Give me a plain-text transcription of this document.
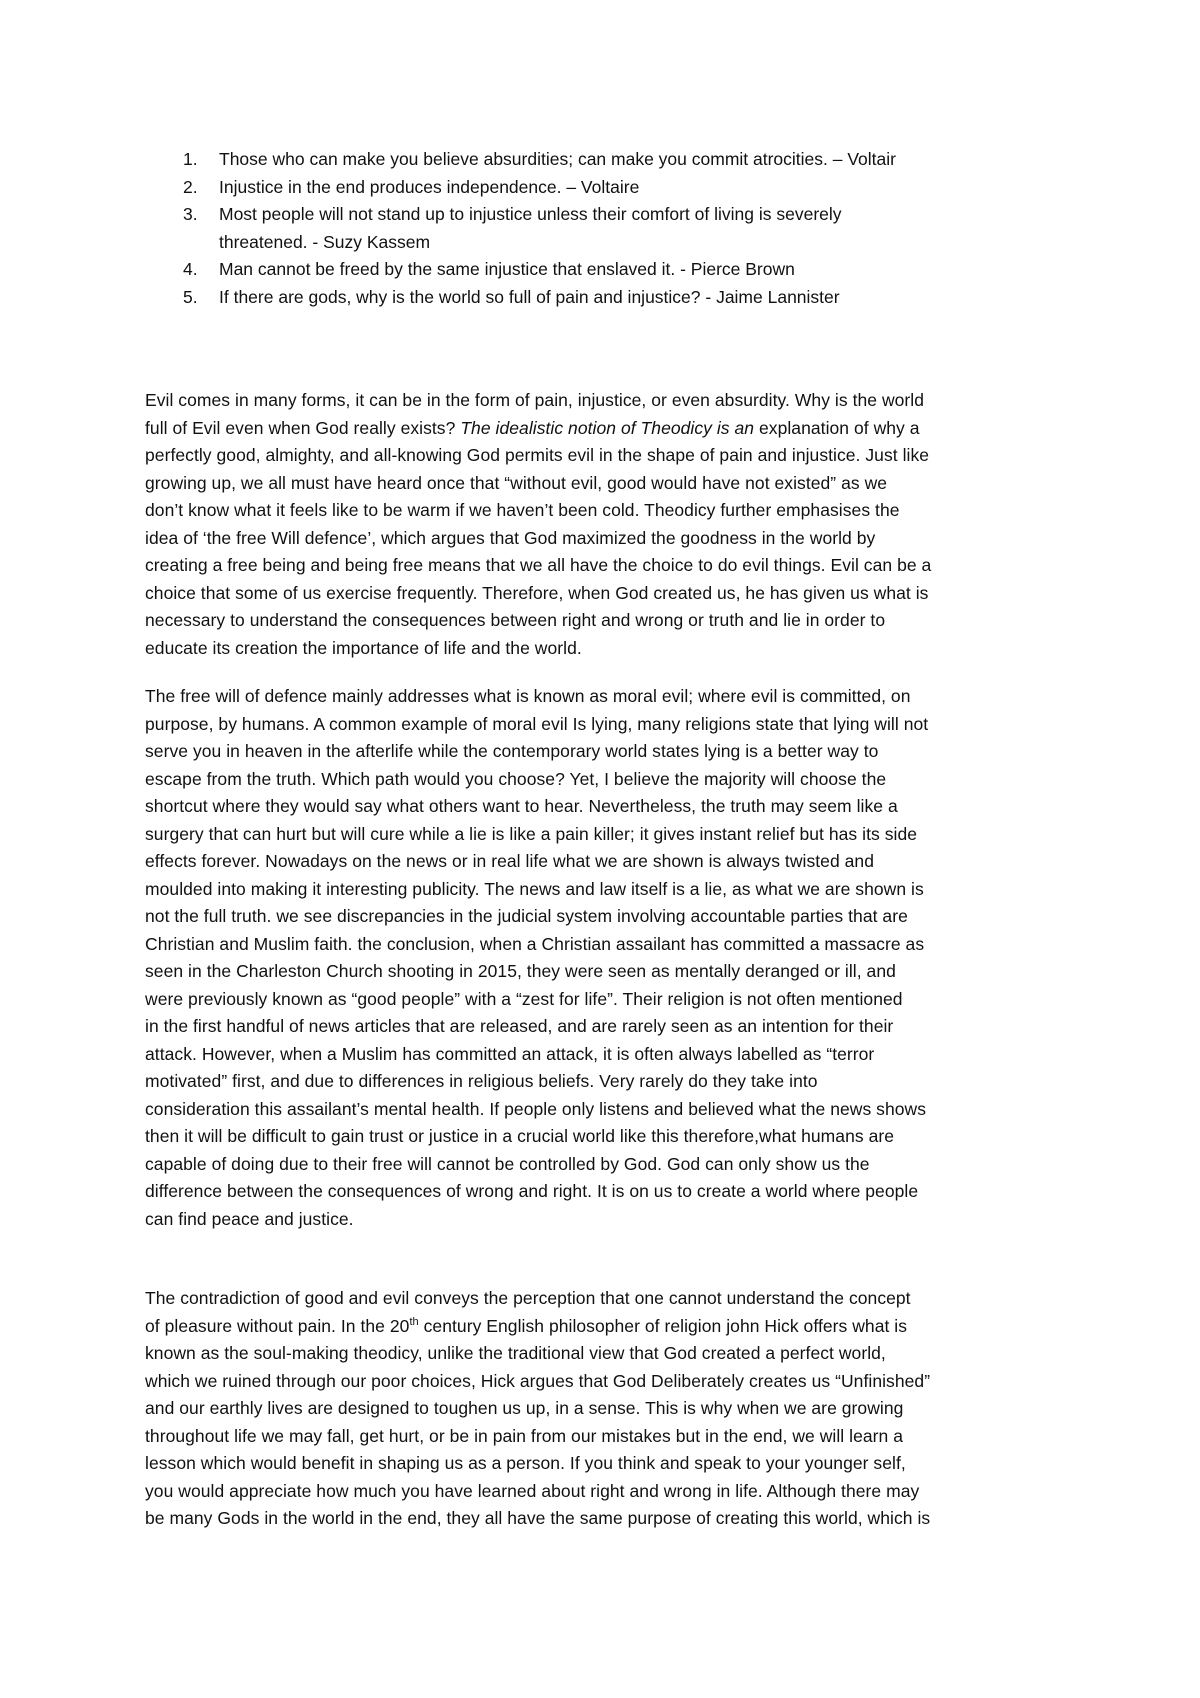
1.	Those who can make you believe absurdities; can make you commit atrocities. – Voltair
2.	Injustice in the end produces independence. – Voltaire
3.	Most people will not stand up to injustice unless their comfort of living is severely
threatened. - Suzy Kassem
4.	Man cannot be freed by the same injustice that enslaved it. - Pierce Brown
5.	If there are gods, why is the world so full of pain and injustice? - Jaime Lannister
Evil comes in many forms, it can be in the form of pain, injustice, or even absurdity. Why is the world
full of Evil even when God really exists? The idealistic notion of Theodicy is an explanation of why a
perfectly good, almighty, and all-knowing God permits evil in the shape of pain and injustice. Just like
growing up, we all must have heard once that “without evil, good would have not existed” as we
don’t know what it feels like to be warm if we haven’t been cold. Theodicy further emphasises the
idea of ‘the free Will defence’, which argues that God maximized the goodness in the world by
creating a free being and being free means that we all have the choice to do evil things. Evil can be a
choice that some of us exercise frequently. Therefore, when God created us, he has given us what is
necessary to understand the consequences between right and wrong or truth and lie in order to
educate its creation the importance of life and the world.
The free will of defence mainly addresses what is known as moral evil; where evil is committed, on
purpose, by humans. A common example of moral evil Is lying, many religions state that lying will not
serve you in heaven in the afterlife while the contemporary world states lying is a better way to
escape from the truth. Which path would you choose? Yet, I believe the majority will choose the
shortcut where they would say what others want to hear. Nevertheless, the truth may seem like a
surgery that can hurt but will cure while a lie is like a pain killer; it gives instant relief but has its side
effects forever. Nowadays on the news or in real life what we are shown is always twisted and
moulded into making it interesting publicity. The news and law itself is a lie, as what we are shown is
not the full truth. we see discrepancies in the judicial system involving accountable parties that are
Christian and Muslim faith. the conclusion, when a Christian assailant has committed a massacre as
seen in the Charleston Church shooting in 2015, they were seen as mentally deranged or ill, and
were previously known as “good people” with a “zest for life”. Their religion is not often mentioned
in the first handful of news articles that are released, and are rarely seen as an intention for their
attack. However, when a Muslim has committed an attack, it is often always labelled as “terror
motivated” first, and due to differences in religious beliefs. Very rarely do they take into
consideration this assailant’s mental health. If people only listens and believed what the news shows
then it will be difficult to gain trust or justice in a crucial world like this therefore,what humans are
capable of doing due to their free will cannot be controlled by God. God can only show us the
difference between the consequences of wrong and right. It is on us to create a world where people
can find peace and justice.
The contradiction of good and evil conveys the perception that one cannot understand the concept
of pleasure without pain. In the 20th century English philosopher of religion john Hick offers what is
known as the soul-making theodicy, unlike the traditional view that God created a perfect world,
which we ruined through our poor choices, Hick argues that God Deliberately creates us “Unfinished”
and our earthly lives are designed to toughen us up, in a sense. This is why when we are growing
throughout life we may fall, get hurt, or be in pain from our mistakes but in the end, we will learn a
lesson which would benefit in shaping us as a person. If you think and speak to your younger self,
you would appreciate how much you have learned about right and wrong in life. Although there may
be many Gods in the world in the end, they all have the same purpose of creating this world, which is
